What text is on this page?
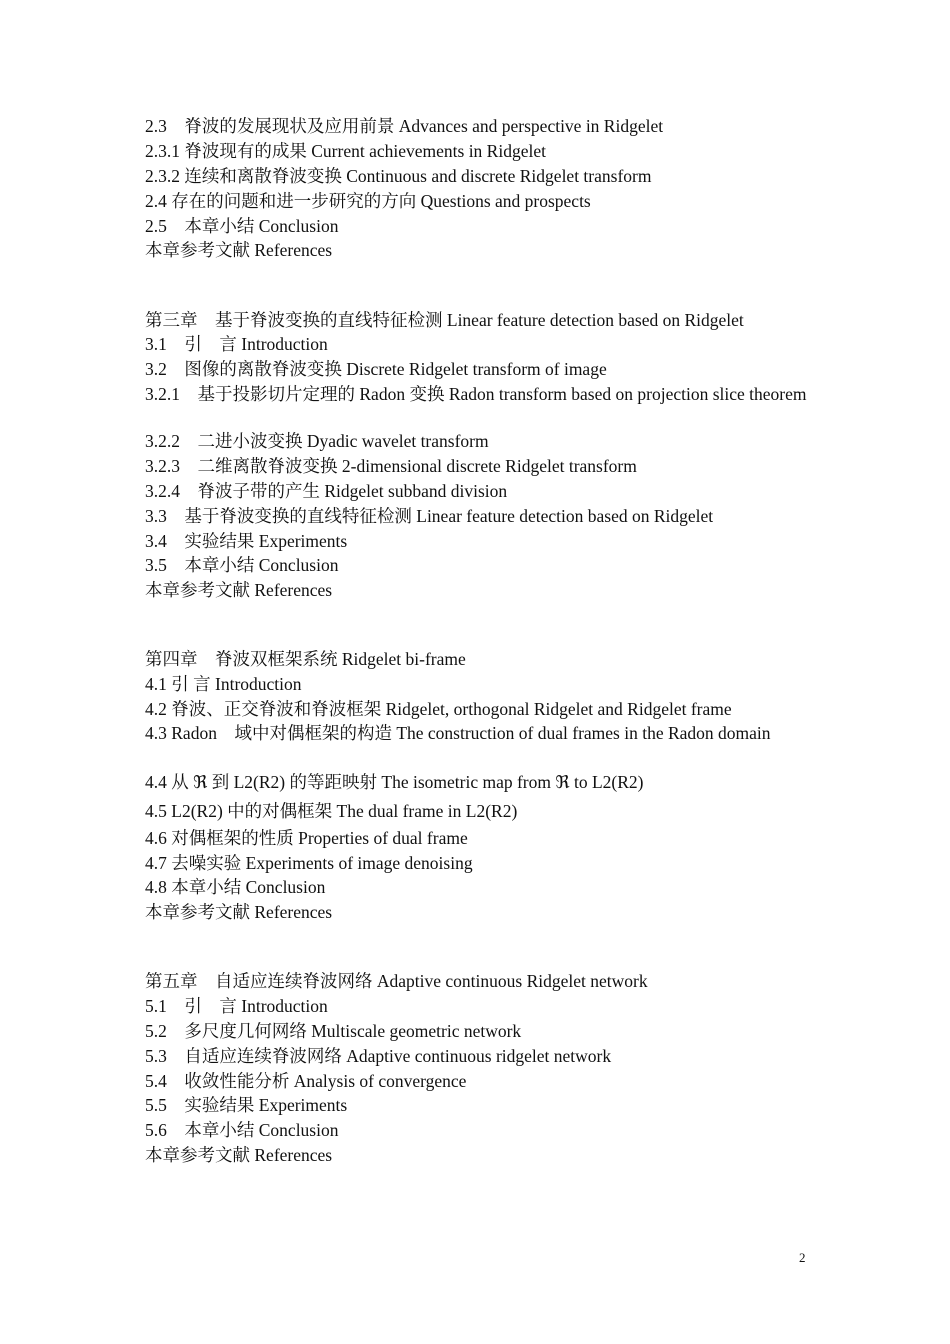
2.3　脊波的发展现状及应用前景 Advances and perspective in Ridgelet
2.3.1 脊波现有的成果 Current achievements in Ridgelet
2.3.2 连续和离散脊波变换 Continuous and discrete Ridgelet transform
2.4 存在的问题和进一步研究的方向 Questions and prospects
2.5　本章小结 Conclusion
本章参考文献 References
第三章　基于脊波变换的直线特征检测 Linear feature detection based on Ridgelet
3.1　引　言 Introduction
3.2　图像的离散脊波变换 Discrete Ridgelet transform of image
3.2.1　基于投影切片定理的 Radon 变换 Radon transform based on projection slice theorem
3.2.2　二进小波变换 Dyadic wavelet transform
3.2.3　二维离散脊波变换 2-dimensional discrete Ridgelet transform
3.2.4　脊波子带的产生 Ridgelet subband division
3.3　基于脊波变换的直线特征检测 Linear feature detection based on Ridgelet
3.4　实验结果 Experiments
3.5　本章小结 Conclusion
本章参考文献 References
第四章　脊波双框架系统 Ridgelet bi-frame
4.1 引 言 Introduction
4.2 脊波、正交脊波和脊波框架 Ridgelet, orthogonal Ridgelet and Ridgelet frame
4.3 Radon　域中对偶框架的构造 The construction of dual frames in the Radon domain
4.4 从 ℜ 到 L2(R2) 的等距映射 The isometric map from ℜ to L2(R2)
4.5 L2(R2) 中的对偶框架 The dual frame in L2(R2)
4.6 对偶框架的性质 Properties of dual frame
4.7 去噪实验 Experiments of image denoising
4.8 本章小结 Conclusion
本章参考文献 References
第五章　自适应连续脊波网络 Adaptive continuous Ridgelet network
5.1　引　言 Introduction
5.2　多尺度几何网络 Multiscale geometric network
5.3　自适应连续脊波网络 Adaptive continuous ridgelet network
5.4　收敛性能分析 Analysis of convergence
5.5　实验结果 Experiments
5.6　本章小结 Conclusion
本章参考文献 References
2
